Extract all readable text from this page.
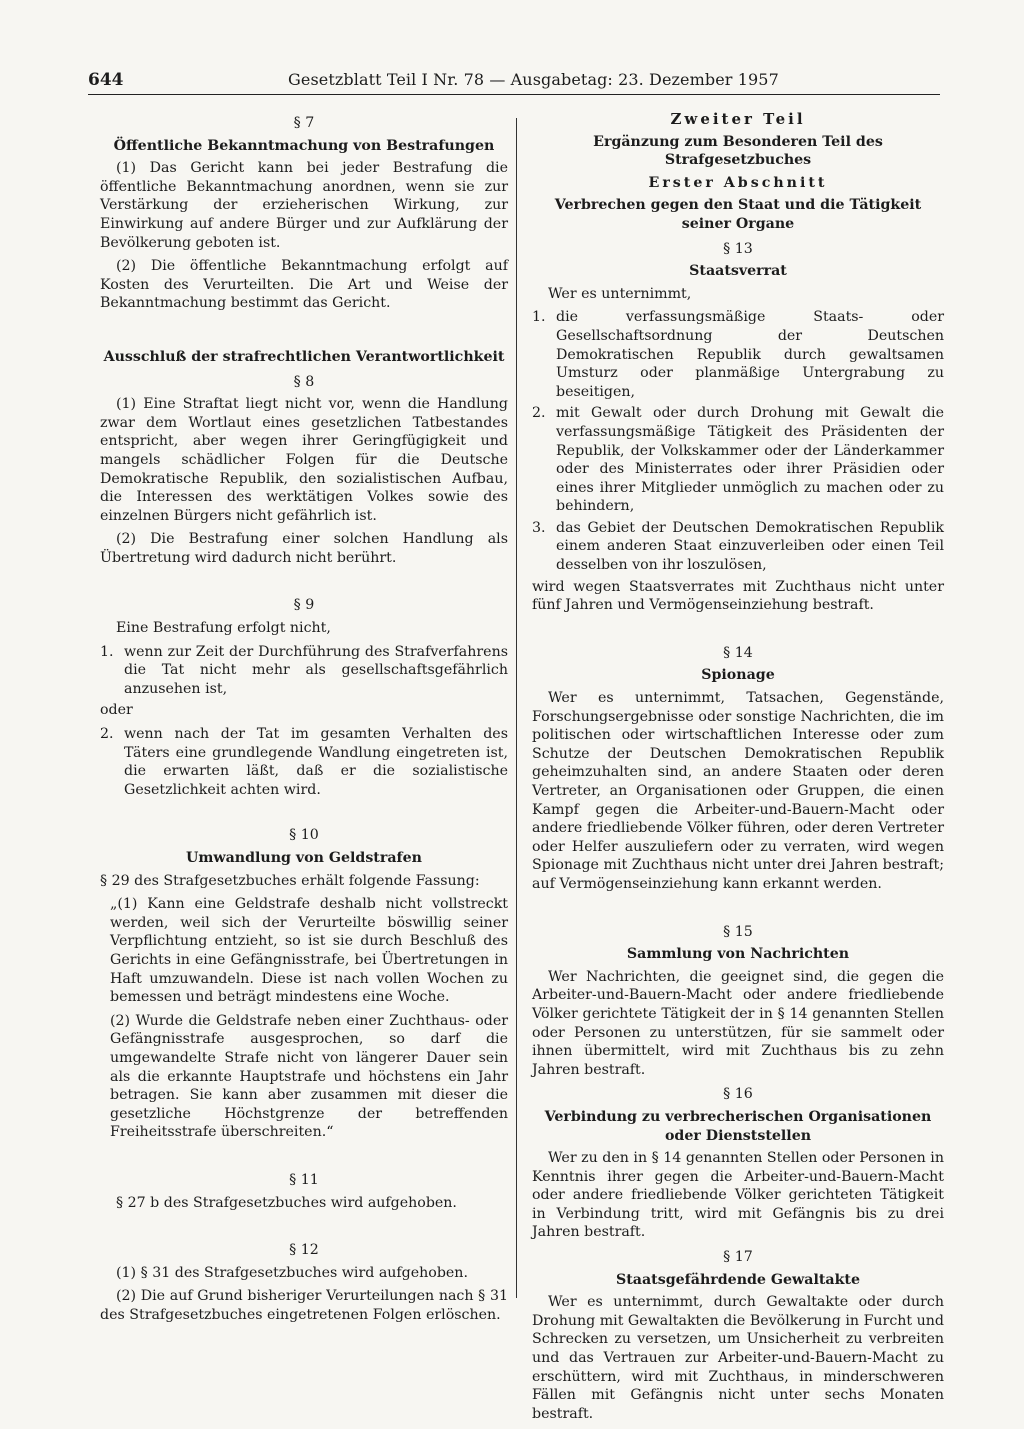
644	Gesetzblatt Teil I Nr. 78 — Ausgabetag: 23. Dezember 1957
§ 7
Öffentliche Bekanntmachung von Bestrafungen

(1) Das Gericht kann bei jeder Bestrafung die öffentliche Bekanntmachung anordnen, wenn sie zur Verstärkung der erzieherischen Wirkung, zur Einwirkung auf andere Bürger und zur Aufklärung der Bevölkerung geboten ist.

(2) Die öffentliche Bekanntmachung erfolgt auf Kosten des Verurteilten. Die Art und Weise der Bekanntmachung bestimmt das Gericht.

Ausschluß der strafrechtlichen Verantwortlichkeit
§ 8

(1) Eine Straftat liegt nicht vor, wenn die Handlung zwar dem Wortlaut eines gesetzlichen Tatbestandes entspricht, aber wegen ihrer Geringfügigkeit und mangels schädlicher Folgen für die Deutsche Demokratische Republik, den sozialistischen Aufbau, die Interessen des werktätigen Volkes sowie des einzelnen Bürgers nicht gefährlich ist.

(2) Die Bestrafung einer solchen Handlung als Übertretung wird dadurch nicht berührt.

§ 9

Eine Bestrafung erfolgt nicht,

1. wenn zur Zeit der Durchführung des Strafverfahrens die Tat nicht mehr als gesellschaftsgefährlich anzusehen ist,

oder

2. wenn nach der Tat im gesamten Verhalten des Täters eine grundlegende Wandlung eingetreten ist, die erwarten läßt, daß er die sozialistische Gesetzlichkeit achten wird.
§ 10
Umwandlung von Geldstrafen

§ 29 des Strafgesetzbuches erhält folgende Fassung:

„(1) Kann eine Geldstrafe deshalb nicht vollstreckt werden, weil sich der Verurteilte böswillig seiner Verpflichtung entzieht, so ist sie durch Beschluß des Gerichts in eine Gefängnisstrafe, bei Übertretungen in Haft umzuwandeln. Diese ist nach vollen Wochen zu bemessen und beträgt mindestens eine Woche.

(2) Wurde die Geldstrafe neben einer Zuchthaus- oder Gefängnisstrafe ausgesprochen, so darf die umgewandelte Strafe nicht von längerer Dauer sein als die erkannte Hauptstrafe und höchstens ein Jahr betragen. Sie kann aber zusammen mit dieser die gesetzliche Höchstgrenze der betreffenden Freiheitsstrafe überschreiten.“

§ 11

§ 27 b des Strafgesetzbuches wird aufgehoben.

§ 12

(1) § 31 des Strafgesetzbuches wird aufgehoben.

(2) Die auf Grund bisheriger Verurteilungen nach § 31 des Strafgesetzbuches eingetretenen Folgen erlöschen.

Zweiter Teil
Ergänzung zum Besonderen Teil des Strafgesetzbuches
Erster Abschnitt
Verbrechen gegen den Staat und die Tätigkeit seiner Organe
§ 13
Staatsverrat

Wer es unternimmt,

1. die verfassungsmäßige Staats- oder Gesellschaftsordnung der Deutschen Demokratischen Republik durch gewaltsamen Umsturz oder planmäßige Untergrabung zu beseitigen,
2. mit Gewalt oder durch Drohung mit Gewalt die verfassungsmäßige Tätigkeit des Präsidenten der Republik, der Volkskammer oder der Länderkammer oder des Ministerrates oder ihrer Präsidien oder eines ihrer Mitglieder unmöglich zu machen oder zu behindern,
3. das Gebiet der Deutschen Demokratischen Republik einem anderen Staat einzuverleiben oder einen Teil desselben von ihr loszulösen,

wird wegen Staatsverrates mit Zuchthaus nicht unter fünf Jahren und Vermögenseinziehung bestraft.

§ 14
Spionage

Wer es unternimmt, Tatsachen, Gegenstände, Forschungsergebnisse oder sonstige Nachrichten, die im politischen oder wirtschaftlichen Interesse oder zum Schutze der Deutschen Demokratischen Republik geheimzuhalten sind, an andere Staaten oder deren Vertreter, an Organisationen oder Gruppen, die einen Kampf gegen die Arbeiter-und-Bauern-Macht oder andere friedliebende Völker führen, oder deren Vertreter oder Helfer auszuliefern oder zu verraten, wird wegen Spionage mit Zuchthaus nicht unter drei Jahren bestraft; auf Vermögenseinziehung kann erkannt werden.

§ 15
Sammlung von Nachrichten

Wer Nachrichten, die geeignet sind, die gegen die Arbeiter-und-Bauern-Macht oder andere friedliebende Völker gerichtete Tätigkeit der in § 14 genannten Stellen oder Personen zu unterstützen, für sie sammelt oder ihnen übermittelt, wird mit Zuchthaus bis zu zehn Jahren bestraft.

§ 16
Verbindung zu verbrecherischen Organisationen oder Dienststellen

Wer zu den in § 14 genannten Stellen oder Personen in Kenntnis ihrer gegen die Arbeiter-und-Bauern-Macht oder andere friedliebende Völker gerichteten Tätigkeit in Verbindung tritt, wird mit Gefängnis bis zu drei Jahren bestraft.

§ 17
Staatsgefährdende Gewaltakte

Wer es unternimmt, durch Gewaltakte oder durch Drohung mit Gewaltakten die Bevölkerung in Furcht und Schrecken zu versetzen, um Unsicherheit zu verbreiten und das Vertrauen zur Arbeiter-und-Bauern-Macht zu erschüttern, wird mit Zuchthaus, in minderschweren Fällen mit Gefängnis nicht unter sechs Monaten bestraft.
